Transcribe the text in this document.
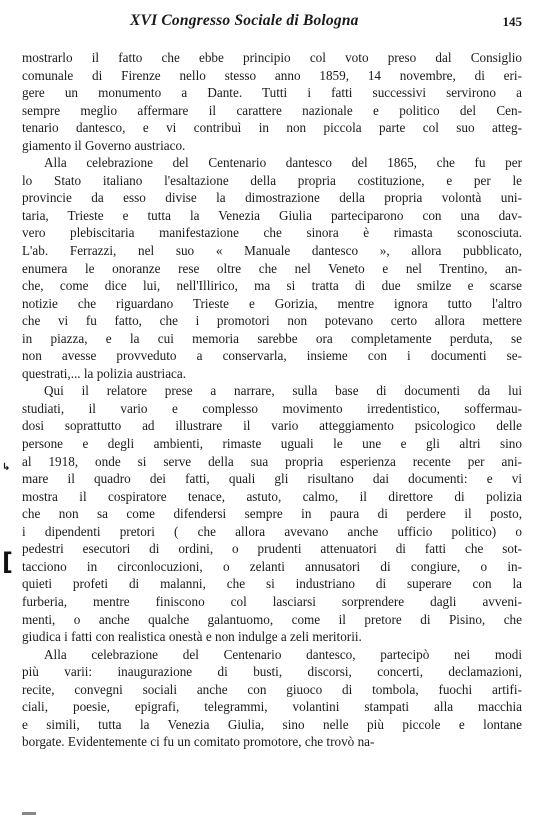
XVI Congresso Sociale di Bologna	145
mostrarlo il fatto che ebbe principio col voto preso dal Consiglio
comunale di Firenze nello stesso anno 1859, 14 novembre, di eri-
gere un monumento a Dante. Tutti i fatti successivi servirono a
sempre meglio affermare il carattere nazionale e politico del Cen-
tenario dantesco, e vi contribuì in non piccola parte col suo atteg-
giamento il Governo austriaco.
Alla celebrazione del Centenario dantesco del 1865, che fu per
lo Stato italiano l'esaltazione della propria costituzione, e per le
provincie da esso divise la dimostrazione della propria volontà uni-
taria, Trieste e tutta la Venezia Giulia parteciparono con una dav-
vero plebiscitaria manifestazione che sinora è rimasta sconosciuta.
L'ab. Ferrazzi, nel suo « Manuale dantesco », allora pubblicato,
enumera le onoranze rese oltre che nel Veneto e nel Trentino, an-
che, come dice lui, nell'Illirico, ma si tratta di due smilze e scarse
notizie che riguardano Trieste e Gorizia, mentre ignora tutto l'altro
che vi fu fatto, che i promotori non potevano certo allora mettere
in piazza, e la cui memoria sarebbe ora completamente perduta, se
non avesse provveduto a conservarla, insieme con i documenti se-
questrati,... la polizia austriaca.
Qui il relatore prese a narrare, sulla base di documenti da lui
studiati, il vario e complesso movimento irredentistico, soffermau-
dosi soprattutto ad illustrare il vario atteggiamento psicologico delle
persone e degli ambienti, rimaste uguali le une e gli altri sino
al 1918, onde si serve della sua propria esperienza recente per ani-
mare il quadro dei fatti, quali gli risultano dai documenti: e vi
mostra il cospiratore tenace, astuto, calmo, il direttore di polizia
che non sa come difendersi sempre in paura di perdere il posto,
i dipendenti pretori ( che allora avevano anche ufficio politico) o
pedestri esecutori di ordini, o prudenti attenuatori di fatti che sot-
tacciono in circonlocuzioni, o zelanti annusatori di congiure, o in-
quieti profeti di malanni, che si industriano di superare con la
furberia, mentre finiscono col lasciarsi sorprendere dagli avveni-
menti, o anche qualche galantuomo, come il pretore di Pisino, che
giudica i fatti con realistica onestà e non indulge a zeli meritorii.
Alla celebrazione del Centenario dantesco, partecipò nei modi
più varii: inaugurazione di busti, discorsi, concerti, declamazioni,
recite, convegni sociali anche con giuoco di tombola, fuochi artifi-
ciali, poesie, epigrafi, telegrammi, volantini stampati alla macchia
e simili, tutta la Venezia Giulia, sino nelle più piccole e lontane
borgate. Evidentemente ci fu un comitato promotore, che trovò na-
↳
[
